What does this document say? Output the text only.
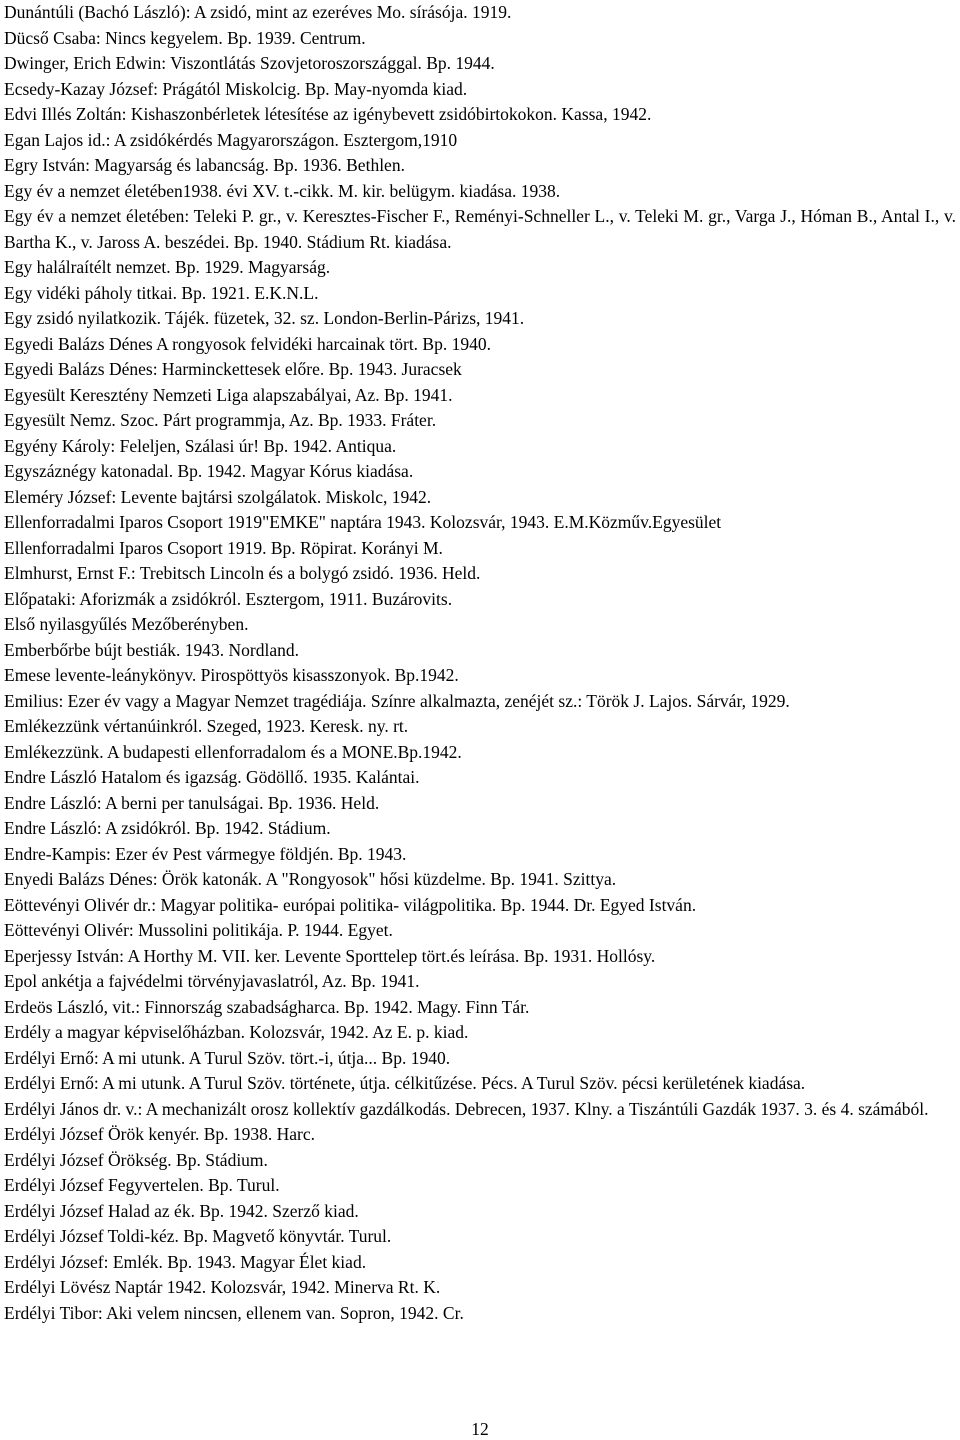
Dunántúli (Bachó László): A zsidó, mint az ezeréves Mo. sírásója. 1919.
Dücső Csaba: Nincs kegyelem. Bp. 1939. Centrum.
Dwinger, Erich Edwin: Viszontlátás Szovjetoroszországgal. Bp. 1944.
Ecsedy-Kazay József: Prágától Miskolcig. Bp. May-nyomda kiad.
Edvi Illés Zoltán: Kishaszonbérletek létesítése az igénybevett zsidóbirtokokon. Kassa, 1942.
Egan Lajos id.: A zsidókérdés Magyarországon. Esztergom,1910
Egry István: Magyarság és labancság. Bp. 1936. Bethlen.
Egy év a nemzet életében1938. évi XV. t.-cikk. M. kir. belügym. kiadása. 1938.
Egy év a nemzet életében: Teleki P. gr., v. Keresztes-Fischer F., Reményi-Schneller L., v. Teleki M. gr., Varga J., Hóman B., Antal I., v. Bartha K., v. Jaross A. beszédei. Bp. 1940. Stádium Rt. kiadása.
Egy halálraítélt nemzet. Bp. 1929. Magyarság.
Egy vidéki páholy titkai. Bp. 1921. E.K.N.L.
Egy zsidó nyilatkozik. Tájék. füzetek, 32. sz. London-Berlin-Párizs, 1941.
Egyedi Balázs Dénes A rongyosok felvidéki harcainak tört. Bp. 1940.
Egyedi Balázs Dénes: Harminckettesek előre. Bp. 1943. Juracsek
Egyesült Keresztény Nemzeti Liga alapszabályai, Az. Bp. 1941.
Egyesült Nemz. Szoc. Párt programmja, Az. Bp. 1933. Fráter.
Egyény Károly: Feleljen, Szálasi úr! Bp. 1942. Antiqua.
Egyszáznégy katonadal. Bp. 1942. Magyar Kórus kiadása.
Eleméry József: Levente bajtársi szolgálatok. Miskolc, 1942.
Ellenforradalmi Iparos Csoport 1919"EMKE" naptára 1943. Kolozsvár, 1943. E.M.Közműv.Egyesület
Ellenforradalmi Iparos Csoport 1919. Bp. Röpirat. Korányi M.
Elmhurst, Ernst F.: Trebitsch Lincoln és a bolygó zsidó. 1936. Held.
Előpataki: Aforizmák a zsidókról. Esztergom, 1911. Buzárovits.
Első nyilasgyűlés Mezőberényben.
Emberbőrbe bújt bestiák. 1943. Nordland.
Emese levente-leánykönyv. Pirospöttyös kisasszonyok. Bp.1942.
Emilius: Ezer év vagy a Magyar Nemzet tragédiája. Színre alkalmazta, zenéjét sz.: Török J. Lajos. Sárvár, 1929.
Emlékezzünk vértanúinkról. Szeged, 1923. Keresk. ny. rt.
Emlékezzünk. A budapesti ellenforradalom és a MONE.Bp.1942.
Endre László Hatalom és igazság. Gödöllő. 1935. Kalántai.
Endre László: A berni per tanulságai. Bp. 1936. Held.
Endre László: A zsidókról. Bp. 1942. Stádium.
Endre-Kampis: Ezer év Pest vármegye földjén. Bp. 1943.
Enyedi Balázs Dénes: Örök katonák. A "Rongyosok" hősi küzdelme. Bp. 1941. Szittya.
Eöttevényi Olivér dr.: Magyar politika- európai politika- világpolitika. Bp. 1944. Dr. Egyed István.
Eöttevényi Olivér: Mussolini politikája. P. 1944. Egyet.
Eperjessy István: A Horthy M. VII. ker. Levente Sporttelep tört.és leírása. Bp. 1931. Hollósy.
Epol ankétja a fajvédelmi törvényjavaslatról, Az. Bp. 1941.
Erdeös László, vit.: Finnország szabadságharca. Bp. 1942. Magy. Finn Tár.
Erdély a magyar képviselőházban. Kolozsvár, 1942. Az E. p. kiad.
Erdélyi Ernő: A mi utunk. A Turul Szöv. tört.-i, útja... Bp. 1940.
Erdélyi Ernő: A mi utunk. A Turul Szöv. története, útja. célkitűzése. Pécs. A Turul Szöv. pécsi kerületének kiadása.
Erdélyi János dr. v.: A mechanizált orosz kollektív gazdálkodás. Debrecen, 1937. Klny. a Tiszántúli Gazdák 1937. 3. és 4. számából.
Erdélyi József Örök kenyér. Bp. 1938. Harc.
Erdélyi József Örökség. Bp. Stádium.
Erdélyi József Fegyvertelen. Bp. Turul.
Erdélyi József Halad az ék. Bp. 1942. Szerző kiad.
Erdélyi József Toldi-kéz. Bp. Magvető könyvtár. Turul.
Erdélyi József: Emlék. Bp. 1943. Magyar Élet kiad.
Erdélyi Lövész Naptár 1942. Kolozsvár, 1942. Minerva Rt. K.
Erdélyi Tibor: Aki velem nincsen, ellenem van. Sopron, 1942. Cr.
12
